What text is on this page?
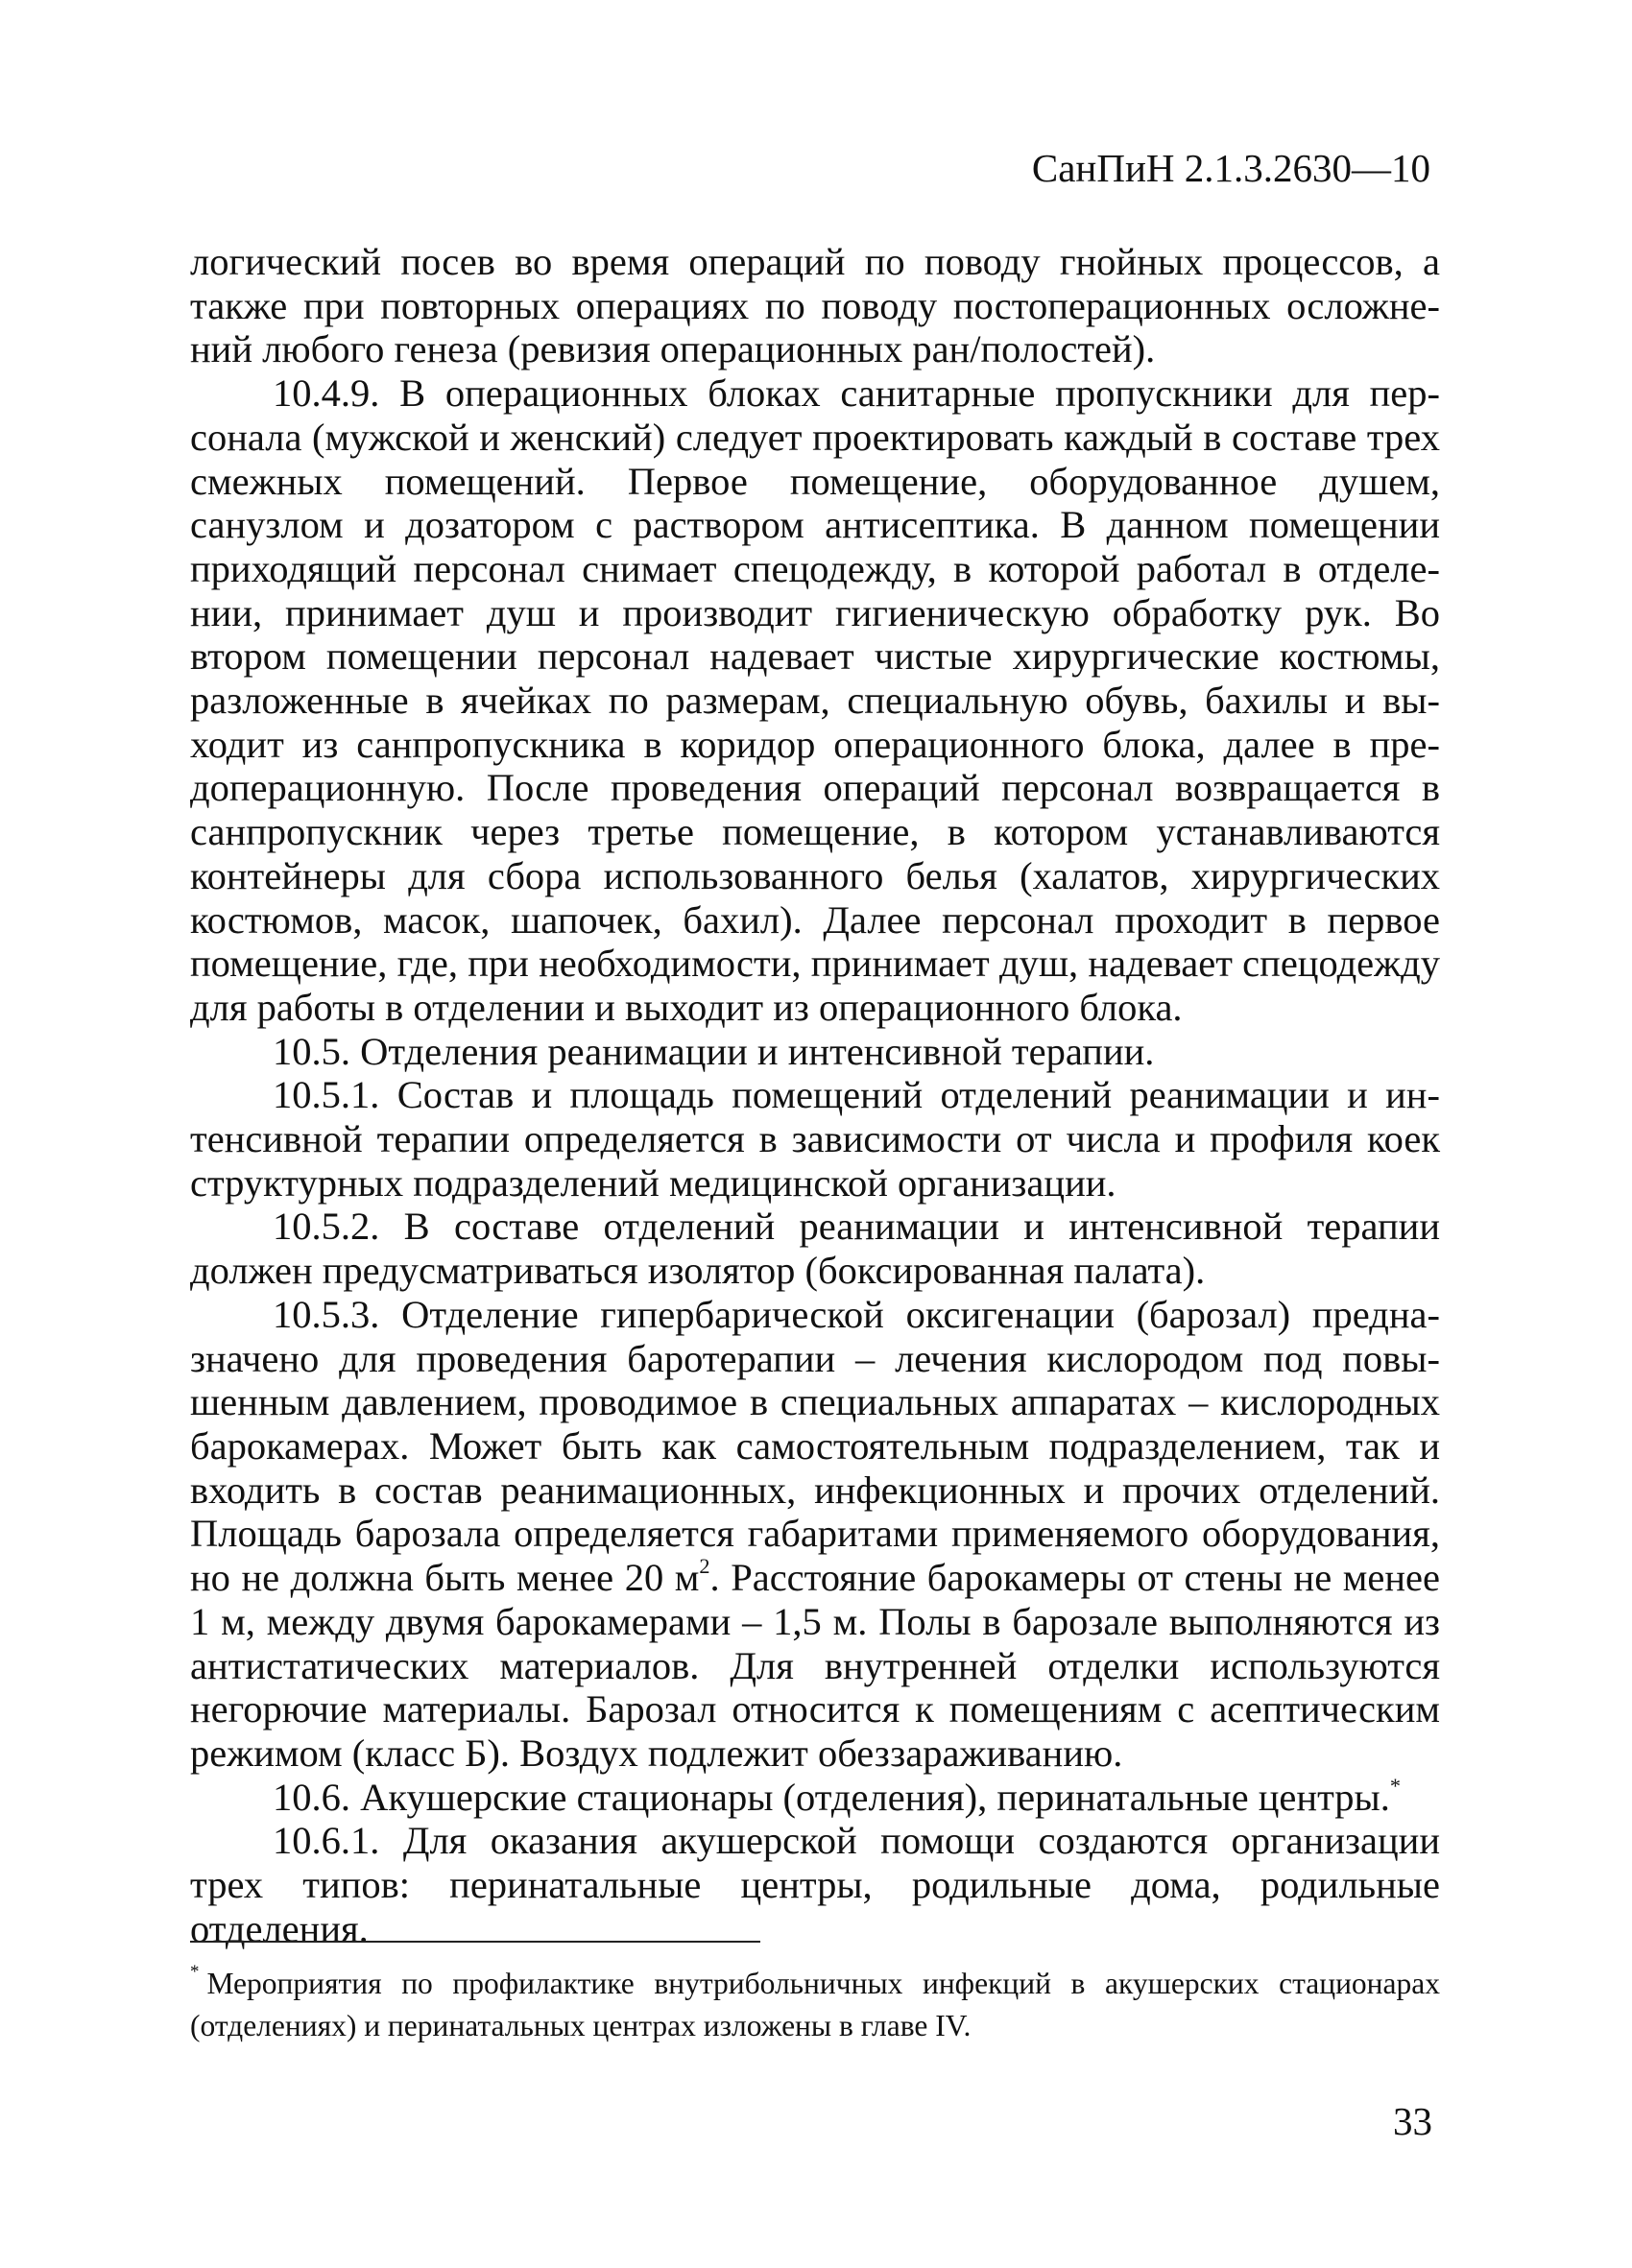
СанПиН 2.1.3.2630—10

логический посев во время операций по поводу гнойных процессов, а также при повторных операциях по поводу постоперационных осложнений любого генеза (ревизия операционных ран/полостей).

10.4.9. В операционных блоках санитарные пропускники для персонала (мужской и женский) следует проектировать каждый в составе трех смежных помещений. Первое помещение, оборудованное душем, санузлом и дозатором с раствором антисептика. В данном помещении приходящий персонал снимает спецодежду, в которой работал в отделении, принимает душ и производит гигиеническую обработку рук. Во втором помещении персонал надевает чистые хирургические костюмы, разложенные в ячейках по размерам, специальную обувь, бахилы и выходит из санпропускника в коридор операционного блока, далее в предоперационную. После проведения операций персонал возвращается в санпропускник через третье помещение, в котором устанавливаются контейнеры для сбора использованного белья (халатов, хирургических костюмов, масок, шапочек, бахил). Далее персонал проходит в первое помещение, где, при необходимости, принимает душ, надевает спецодежду для работы в отделении и выходит из операционного блока.

10.5. Отделения реанимации и интенсивной терапии.

10.5.1. Состав и площадь помещений отделений реанимации и интенсивной терапии определяется в зависимости от числа и профиля коек структурных подразделений медицинской организации.

10.5.2. В составе отделений реанимации и интенсивной терапии должен предусматриваться изолятор (боксированная палата).

10.5.3. Отделение гипербарической оксигенации (барозал) предназначено для проведения баротерапии – лечения кислородом под повышенным давлением, проводимое в специальных аппаратах – кислородных барокамерах. Может быть как самостоятельным подразделением, так и входить в состав реанимационных, инфекционных и прочих отделений. Площадь барозала определяется габаритами применяемого оборудования, но не должна быть менее 20 $м^2$. Расстояние барокамеры от стены не менее 1 м, между двумя барокамерами – 1,5 м. Полы в барозале выполняются из антистатических материалов. Для внутренней отделки используются негорючие материалы. Барозал относится к помещениям с асептическим режимом (класс Б). Воздух подлежит обеззараживанию.

10.6. Акушерские стационары (отделения), перинатальные центры.*

10.6.1. Для оказания акушерской помощи создаются организации трех типов: перинатальные центры, родильные дома, родильные отделения.

* Мероприятия по профилактике внутрибольничных инфекций в акушерских стационарах (отделениях) и перинатальных центрах изложены в главе IV.
33
